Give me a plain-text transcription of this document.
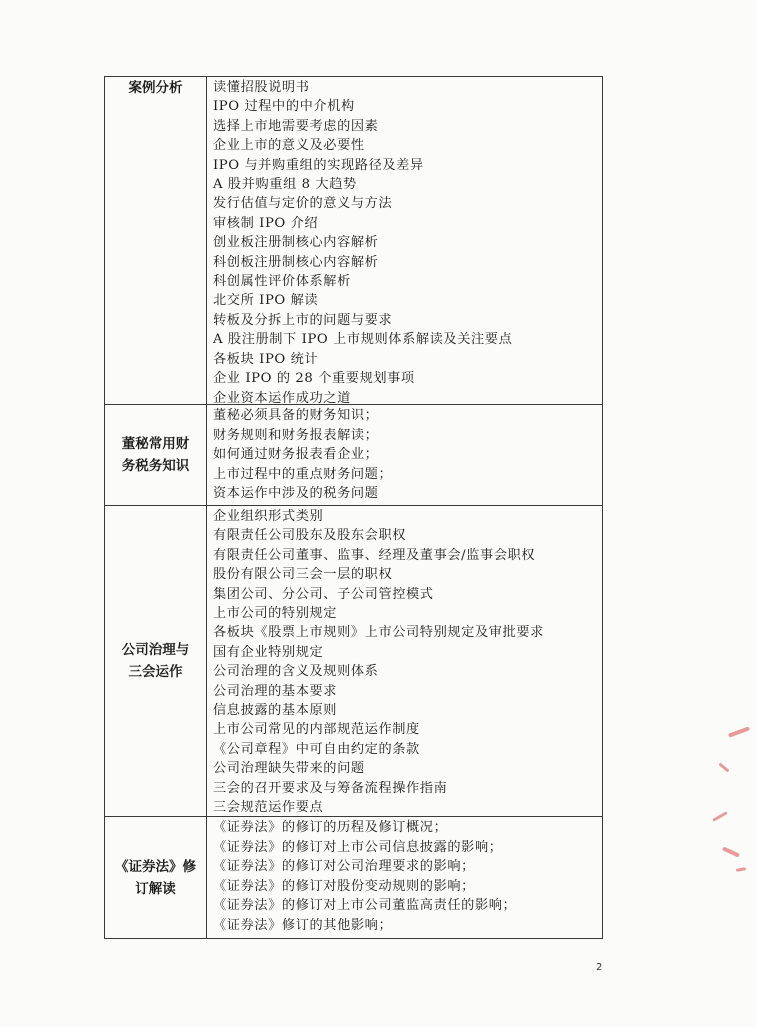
案例分析 读懂招股说明书
IPO 过程中的中介机构
选择上市地需要考虑的因素
企业上市的意义及必要性
IPO 与并购重组的实现路径及差异
A 股并购重组 8 大趋势
发行估值与定价的意义与方法
审核制 IPO 介绍
创业板注册制核心内容解析
科创板注册制核心内容解析
科创属性评价体系解析
北交所 IPO 解读
转板及分拆上市的问题与要求
A 股注册制下 IPO 上市规则体系解读及关注要点
各板块 IPO 统计
企业 IPO 的 28 个重要规划事项
企业资本运作成功之道
董秘常用财
务税务知识
董秘必须具备的财务知识；
财务规则和财务报表解读；
如何通过财务报表看企业；
上市过程中的重点财务问题；
资本运作中涉及的税务问题
公司治理与
三会运作
企业组织形式类别
有限责任公司股东及股东会职权
有限责任公司董事、监事、经理及董事会/监事会职权
股份有限公司三会一层的职权
集团公司、分公司、子公司管控模式
上市公司的特别规定
各板块《股票上市规则》上市公司特别规定及审批要求
国有企业特别规定
公司治理的含义及规则体系
公司治理的基本要求
信息披露的基本原则
上市公司常见的内部规范运作制度
《公司章程》中可自由约定的条款
公司治理缺失带来的问题
三会的召开要求及与筹备流程操作指南
三会规范运作要点
《证券法》修
订解读
《证券法》的修订的历程及修订概况；
《证券法》的修订对上市公司信息披露的影响；
《证券法》的修订对公司治理要求的影响；
《证券法》的修订对股份变动规则的影响；
《证券法》的修订对上市公司董监高责任的影响；
《证券法》修订的其他影响；
2
